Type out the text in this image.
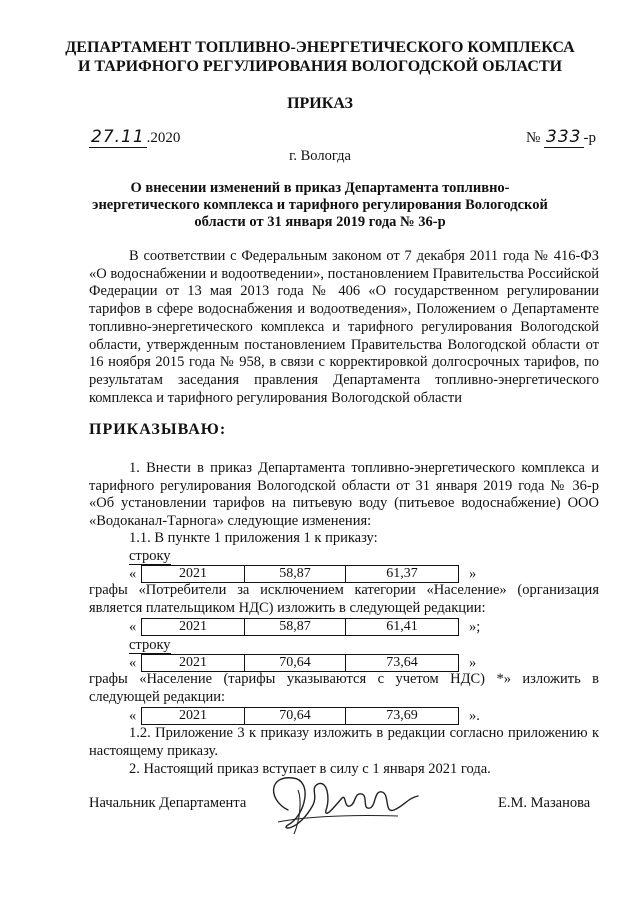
ДЕПАРТАМЕНТ ТОПЛИВНО-ЭНЕРГЕТИЧЕСКОГО КОМПЛЕКСА
И ТАРИФНОГО РЕГУЛИРОВАНИЯ ВОЛОГОДСКОЙ ОБЛАСТИ
ПРИКАЗ
27.11 .2020	№ 333 -р
г. Вологда
О внесении изменений в приказ Департамента топливно-
энергетического комплекса и тарифного регулирования Вологодской
области от 31 января 2019 года № 36-р
В соответствии с Федеральным законом от 7 декабря 2011 года № 416-ФЗ «О водоснабжении и водоотведении», постановлением Правительства Российской Федерации от 13 мая 2013 года № 406 «О государственном регулировании тарифов в сфере водоснабжения и водоотведения», Положением о Департаменте топливно-энергетического комплекса и тарифного регулирования Вологодской области, утвержденным постановлением Правительства Вологодской области от 16 ноября 2015 года № 958, в связи с корректировкой долгосрочных тарифов, по результатам заседания правления Департамента топливно-энергетического комплекса и тарифного регулирования Вологодской области
ПРИКАЗЫВАЮ:
1. Внести в приказ Департамента топливно-энергетического комплекса и тарифного регулирования Вологодской области от 31 января 2019 года № 36-р «Об установлении тарифов на питьевую воду (питьевое водоснабжение) ООО «Водоканал-Тарнога» следующие изменения:
1.1. В пункте 1 приложения 1 к приказу:
строку
«	2021	58,87	61,37	»
графы «Потребители за исключением категории «Население» (организация является плательщиком НДС) изложить в следующей редакции:
«	2021	58,87	61,41	»;
строку
«	2021	70,64	73,64	»
графы «Население (тарифы указываются с учетом НДС) *» изложить в следующей редакции:
«	2021	70,64	73,69	».
1.2. Приложение 3 к приказу изложить в редакции согласно приложению к настоящему приказу.
2. Настоящий приказ вступает в силу с 1 января 2021 года.
Начальник Департамента	Е.М. Мазанова
